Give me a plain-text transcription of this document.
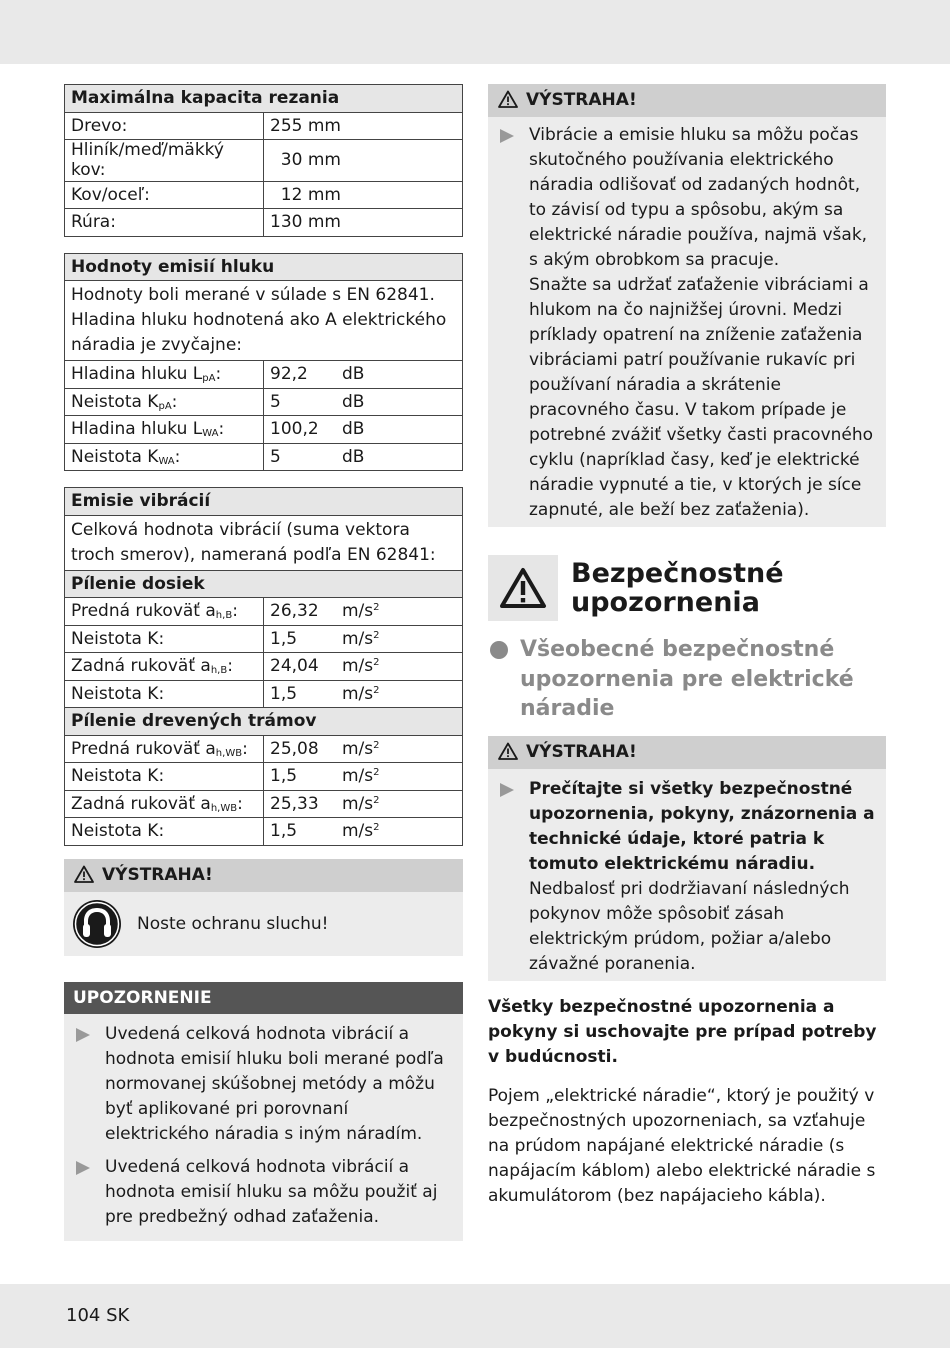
Maximálna kapacita rezania	
Drevo:	255 mm
Hliník/meď/mäkký kov:	30 mm
Kov/oceľ:	12 mm
Rúra:	130 mm
Hodnoty emisií hluku	
Hodnoty boli merané v súlade s EN 62841. Hladina hluku hodnotená ako A elektrického náradia je zvyčajne:	
Hladina hluku $L_{pA}$:	92,2 dB
Neistota $K_{pA}$:	5 dB
Hladina hluku $L_{WA}$:	100,2 dB
Neistota $K_{WA}$:	5 dB
Emisie vibrácií	
Celková hodnota vibrácií (suma vektora troch smerov), nameraná podľa EN 62841:	
Pílenie dosiek	
Predná rukoväť $a_{h,B}$:	26,32 $m/s^2$
Neistota K:	1,5 $m/s^2$
Zadná rukoväť $a_{h,B}$:	24,04 $m/s^2$
Neistota K:	1,5 $m/s^2$
Pílenie drevených trámov	
Predná rukoväť $a_{h,WB}$:	25,08 $m/s^2$
Neistota K:	1,5 $m/s^2$
Zadná rukoväť $a_{h,WB}$:	25,33 $m/s^2$
Neistota K:	1,5 $m/s^2$
VÝSTRAHA!
Noste ochranu sluchu!
UPOZORNENIE
Uvedená celková hodnota vibrácií a hodnota emisií hluku boli merané podľa normovanej skúšobnej metódy a môžu byť aplikované pri porovnaní elektrického náradia s iným náradím.
Uvedená celková hodnota vibrácií a hodnota emisií hluku sa môžu použiť aj pre predbežný odhad zaťaženia.
VÝSTRAHA!
Vibrácie a emisie hluku sa môžu počas skutočného používania elektrického náradia odlišovať od zadaných hodnôt, to závisí od typu a spôsobu, akým sa elektrické náradie používa, najmä však, s akým obrobkom sa pracuje.
Snažte sa udržať zaťaženie vibráciami a hlukom na čo najnižšej úrovni. Medzi príklady opatrení na zníženie zaťaženia vibráciami patrí používanie rukavíc pri používaní náradia a skrátenie pracovného času. V takom prípade je potrebné zvážiť všetky časti pracovného cyklu (napríklad časy, keď je elektrické náradie vypnuté a tie, v ktorých je síce zapnuté, ale beží bez zaťaženia).
Bezpečnostné
upozornenia
Všeobecné bezpečnostné
upozornenia pre elektrické
náradie
VÝSTRAHA!
Prečítajte si všetky bezpečnostné upozornenia, pokyny, znázornenia a technické údaje, ktoré patria k tomuto elektrickému náradiu. Nedbalosť pri dodržiavaní následných pokynov môže spôsobiť zásah elektrickým prúdom, požiar a/alebo závažné poranenia.
Všetky bezpečnostné upozornenia a pokyny si uschovajte pre prípad potreby v budúcnosti.
Pojem „elektrické náradie“, ktorý je použitý v bezpečnostných upozorneniach, sa vzťahuje na prúdom napájané elektrické náradie (s napájacím káblom) alebo elektrické náradie s akumulátorom (bez napájacieho kábla).
104 SK
